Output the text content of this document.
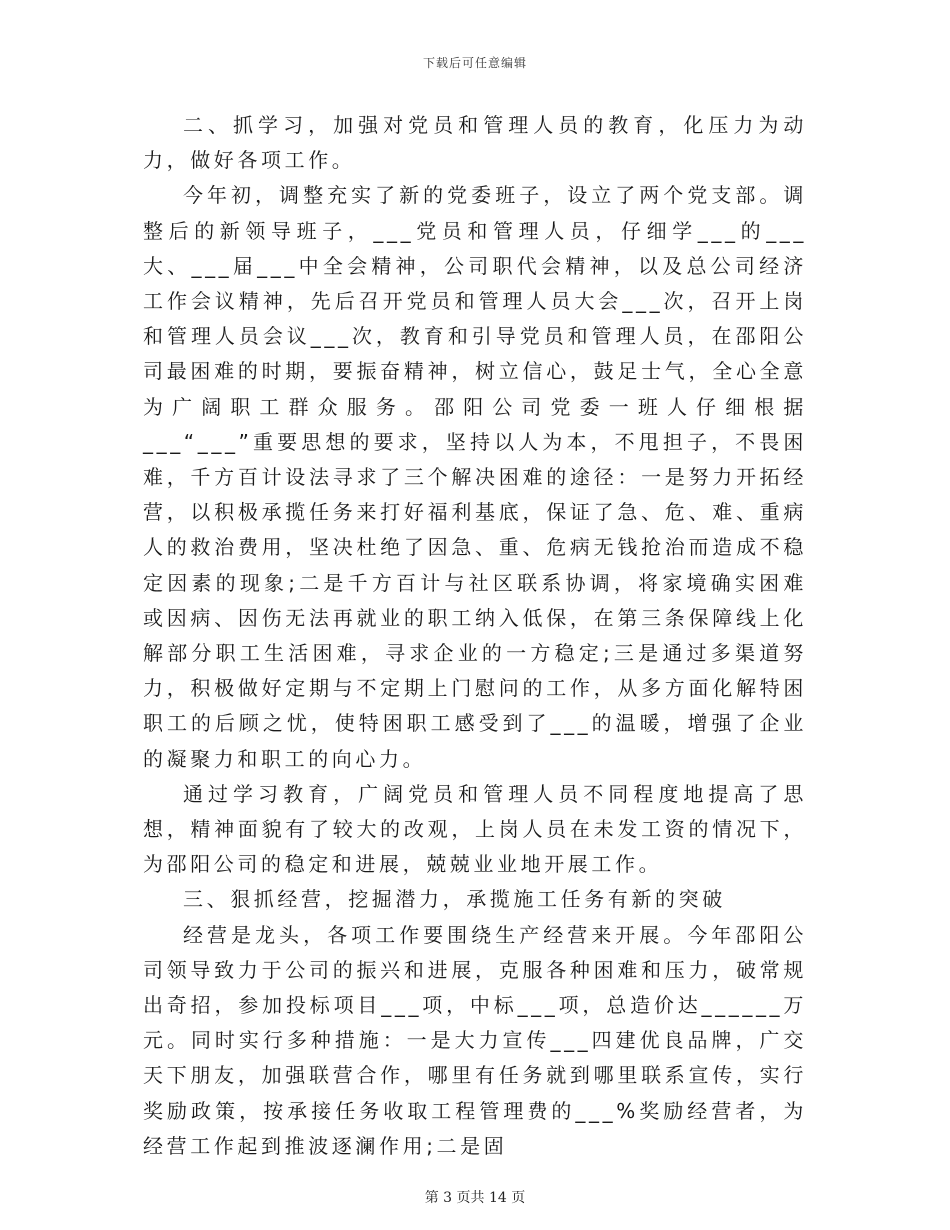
下载后可任意编辑

二、抓学习，加强对党员和管理人员的教育，化压力为动力，做好各项工作。

今年初，调整充实了新的党委班子，设立了两个党支部。调整后的新领导班子，___党员和管理人员，仔细学___的___大、___届___中全会精神，公司职代会精神，以及总公司经济工作会议精神，先后召开党员和管理人员大会___次，召开上岗和管理人员会议___次，教育和引导党员和管理人员，在邵阳公司最困难的时期，要振奋精神，树立信心，鼓足士气，全心全意为广阔职工群众服务。邵阳公司党委一班人仔细根据___“___”重要思想的要求，坚持以人为本，不甩担子，不畏困难，千方百计设法寻求了三个解决困难的途径：一是努力开拓经营，以积极承揽任务来打好福利基底，保证了急、危、难、重病人的救治费用，坚决杜绝了因急、重、危病无钱抢治而造成不稳定因素的现象;二是千方百计与社区联系协调，将家境确实困难或因病、因伤无法再就业的职工纳入低保，在第三条保障线上化解部分职工生活困难，寻求企业的一方稳定;三是通过多渠道努力，积极做好定期与不定期上门慰问的工作，从多方面化解特困职工的后顾之忧，使特困职工感受到了___的温暖，增强了企业的凝聚力和职工的向心力。

通过学习教育，广阔党员和管理人员不同程度地提高了思想，精神面貌有了较大的改观，上岗人员在未发工资的情况下，为邵阳公司的稳定和进展，兢兢业业地开展工作。

三、狠抓经营，挖掘潜力，承揽施工任务有新的突破

经营是龙头，各项工作要围绕生产经营来开展。今年邵阳公司领导致力于公司的振兴和进展，克服各种困难和压力，破常规出奇招，参加投标项目___项，中标___项，总造价达______万元。同时实行多种措施：一是大力宣传___四建优良品牌，广交天下朋友，加强联营合作，哪里有任务就到哪里联系宣传，实行奖励政策，按承接任务收取工程管理费的___%奖励经营者，为经营工作起到推波逐澜作用;二是固

第 3 页共 14 页
